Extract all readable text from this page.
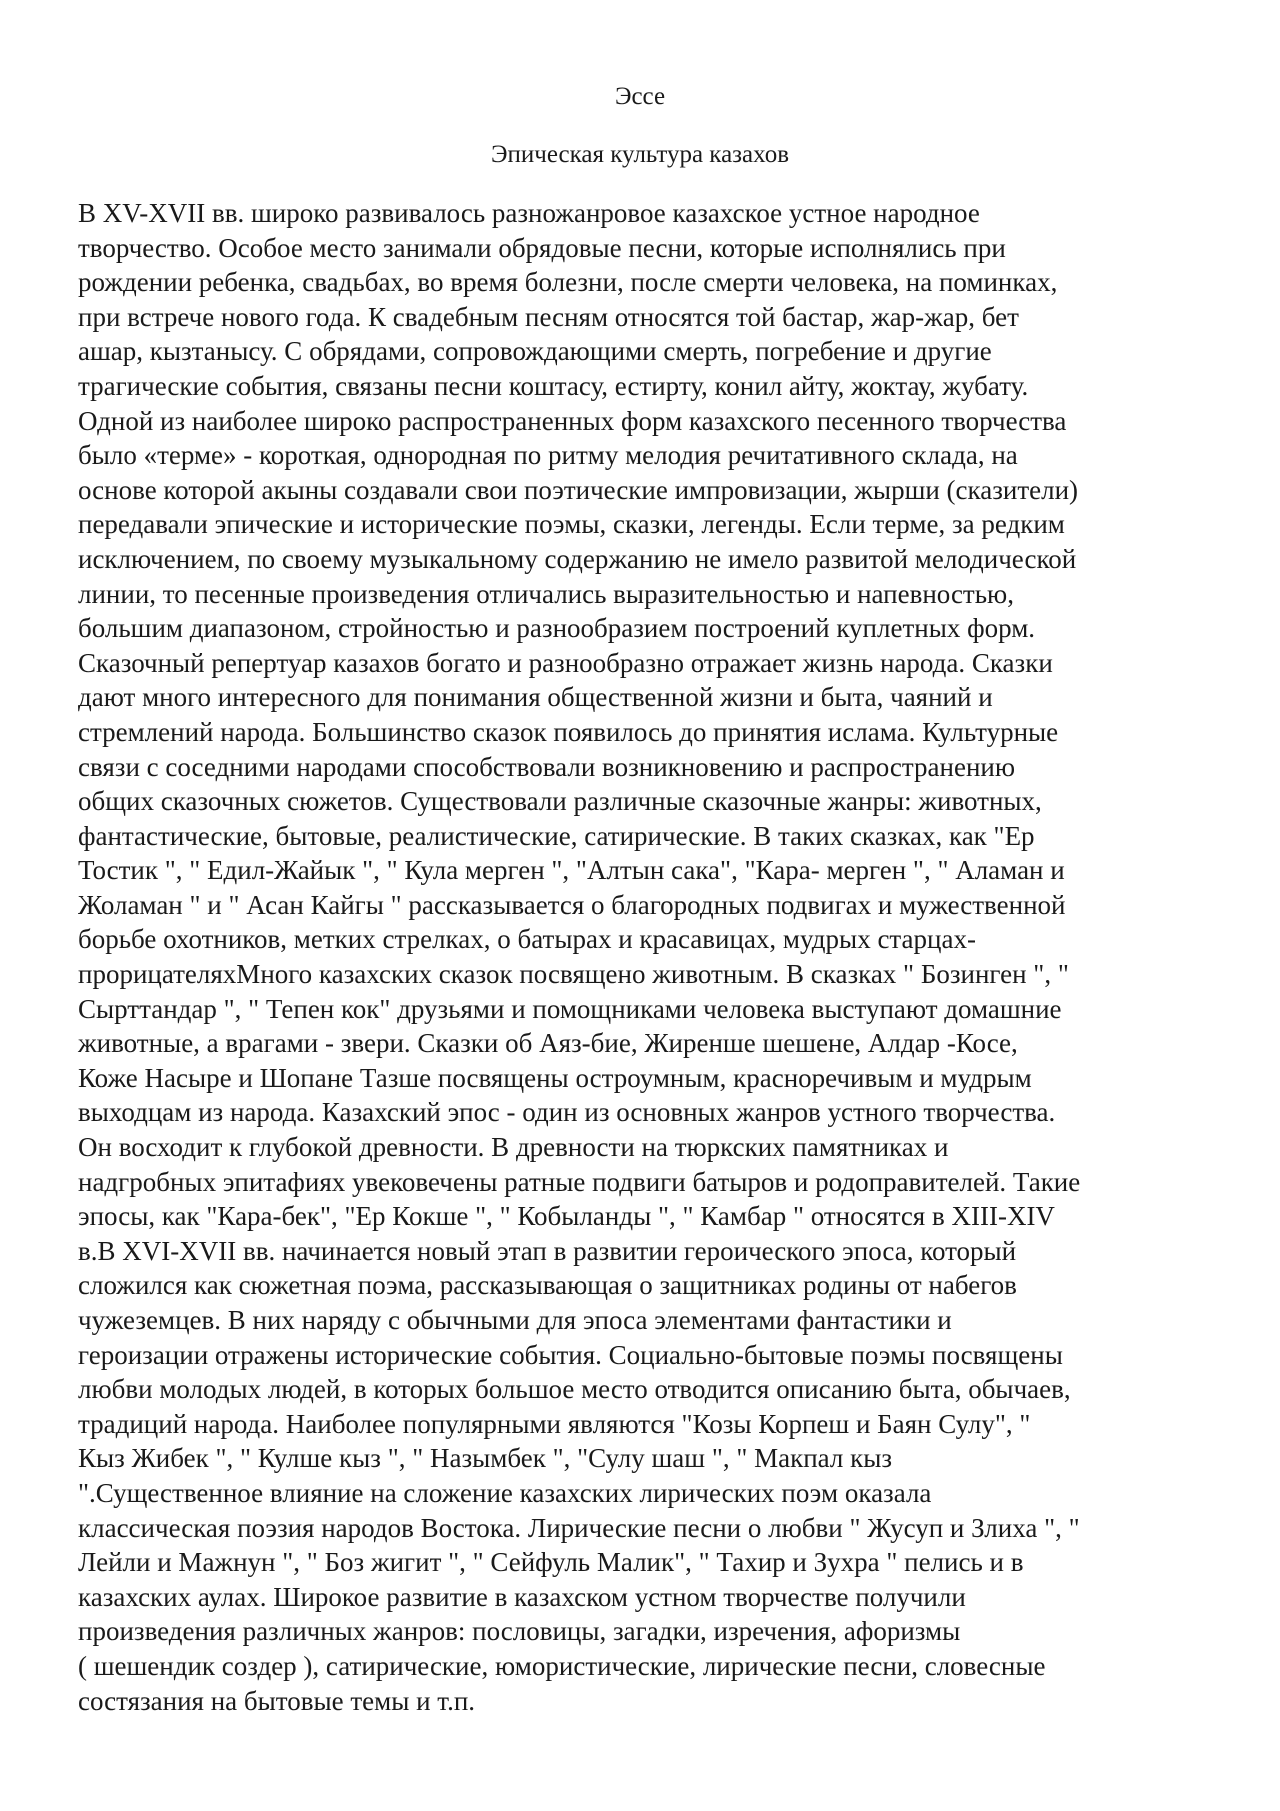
Эссе
Эпическая культура казахов
В XV-XVII вв. широко развивалось разножанровое казахское устное народное
творчество. Особое место занимали обрядовые песни, которые исполнялись при
рождении ребенка, свадьбах, во время болезни, после смерти человека, на поминках,
при встрече нового года. К свадебным песням относятся той бастар, жар-жар, бет
ашар, кызтанысу. С обрядами, сопровождающими смерть, погребение и другие
трагические события, связаны песни коштасу, естирту, конил айту, жоктау, жубату.
Одной из наиболее широко распространенных форм казахского песенного творчества
было «терме» - короткая, однородная по ритму мелодия речитативного склада, на
основе которой акыны создавали свои поэтические импровизации, жырши (сказители)
передавали эпические и исторические поэмы, сказки, легенды. Если терме, за редким
исключением, по своему музыкальному содержанию не имело развитой мелодической
линии, то песенные произведения отличались выразительностью и напевностью,
большим диапазоном, стройностью и разнообразием построений куплетных форм.
Сказочный репертуар казахов богато и разнообразно отражает жизнь народа. Сказки
дают много интересного для понимания общественной жизни и быта, чаяний и
стремлений народа. Большинство сказок появилось до принятия ислама. Культурные
связи с соседними народами способствовали возникновению и распространению
общих сказочных сюжетов. Существовали различные сказочные жанры: животных,
фантастические, бытовые, реалистические, сатирические. В таких сказках, как "Ер
Тостик ", " Едил-Жайык ", " Кула мерген ", "Алтын сака", "Кара- мерген ", " Аламан и
Жоламан " и " Асан Кайгы " рассказывается о благородных подвигах и мужественной
борьбе охотников, метких стрелках, о батырах и красавицах, мудрых старцах-
прорицателяхМного казахских сказок посвящено животным. В сказках " Бозинген ", "
Сырттандар ", " Тепен кок" друзьями и помощниками человека выступают домашние
животные, а врагами - звери. Сказки об Аяз-бие, Жиренше шешене, Алдар -Косе,
Коже Насыре и Шопане Тазше посвящены остроумным, красноречивым и мудрым
выходцам из народа. Казахский эпос - один из основных жанров устного творчества.
Он восходит к глубокой древности. В древности на тюркских памятниках и
надгробных эпитафиях увековечены ратные подвиги батыров и родоправителей. Такие
эпосы, как "Кара-бек", "Ер Кокше ", " Кобыланды ", " Камбар " относятся в XIII-XIV
в.В XVI-XVII вв. начинается новый этап в развитии героического эпоса, который
сложился как сюжетная поэма, рассказывающая о защитниках родины от набегов
чужеземцев. В них наряду с обычными для эпоса элементами фантастики и
героизации отражены исторические события. Социально-бытовые поэмы посвящены
любви молодых людей, в которых большое место отводится описанию быта, обычаев,
традиций народа. Наиболее популярными являются "Козы Корпеш и Баян Сулу", "
Кыз Жибек ", " Кулше кыз ", " Назымбек ", "Сулу шаш ", " Макпал кыз
".Существенное влияние на сложение казахских лирических поэм оказала
классическая поэзия народов Востока. Лирические песни о любви " Жусуп и Злиха ", "
Лейли и Мажнун ", " Боз жигит ", " Сейфуль Малик", " Тахир и Зухра " пелись и в
казахских аулах. Широкое развитие в казахском устном творчестве получили
произведения различных жанров: пословицы, загадки, изречения, афоризмы
( шешендик создер ), сатирические, юмористические, лирические песни, словесные
состязания на бытовые темы и т.п.
